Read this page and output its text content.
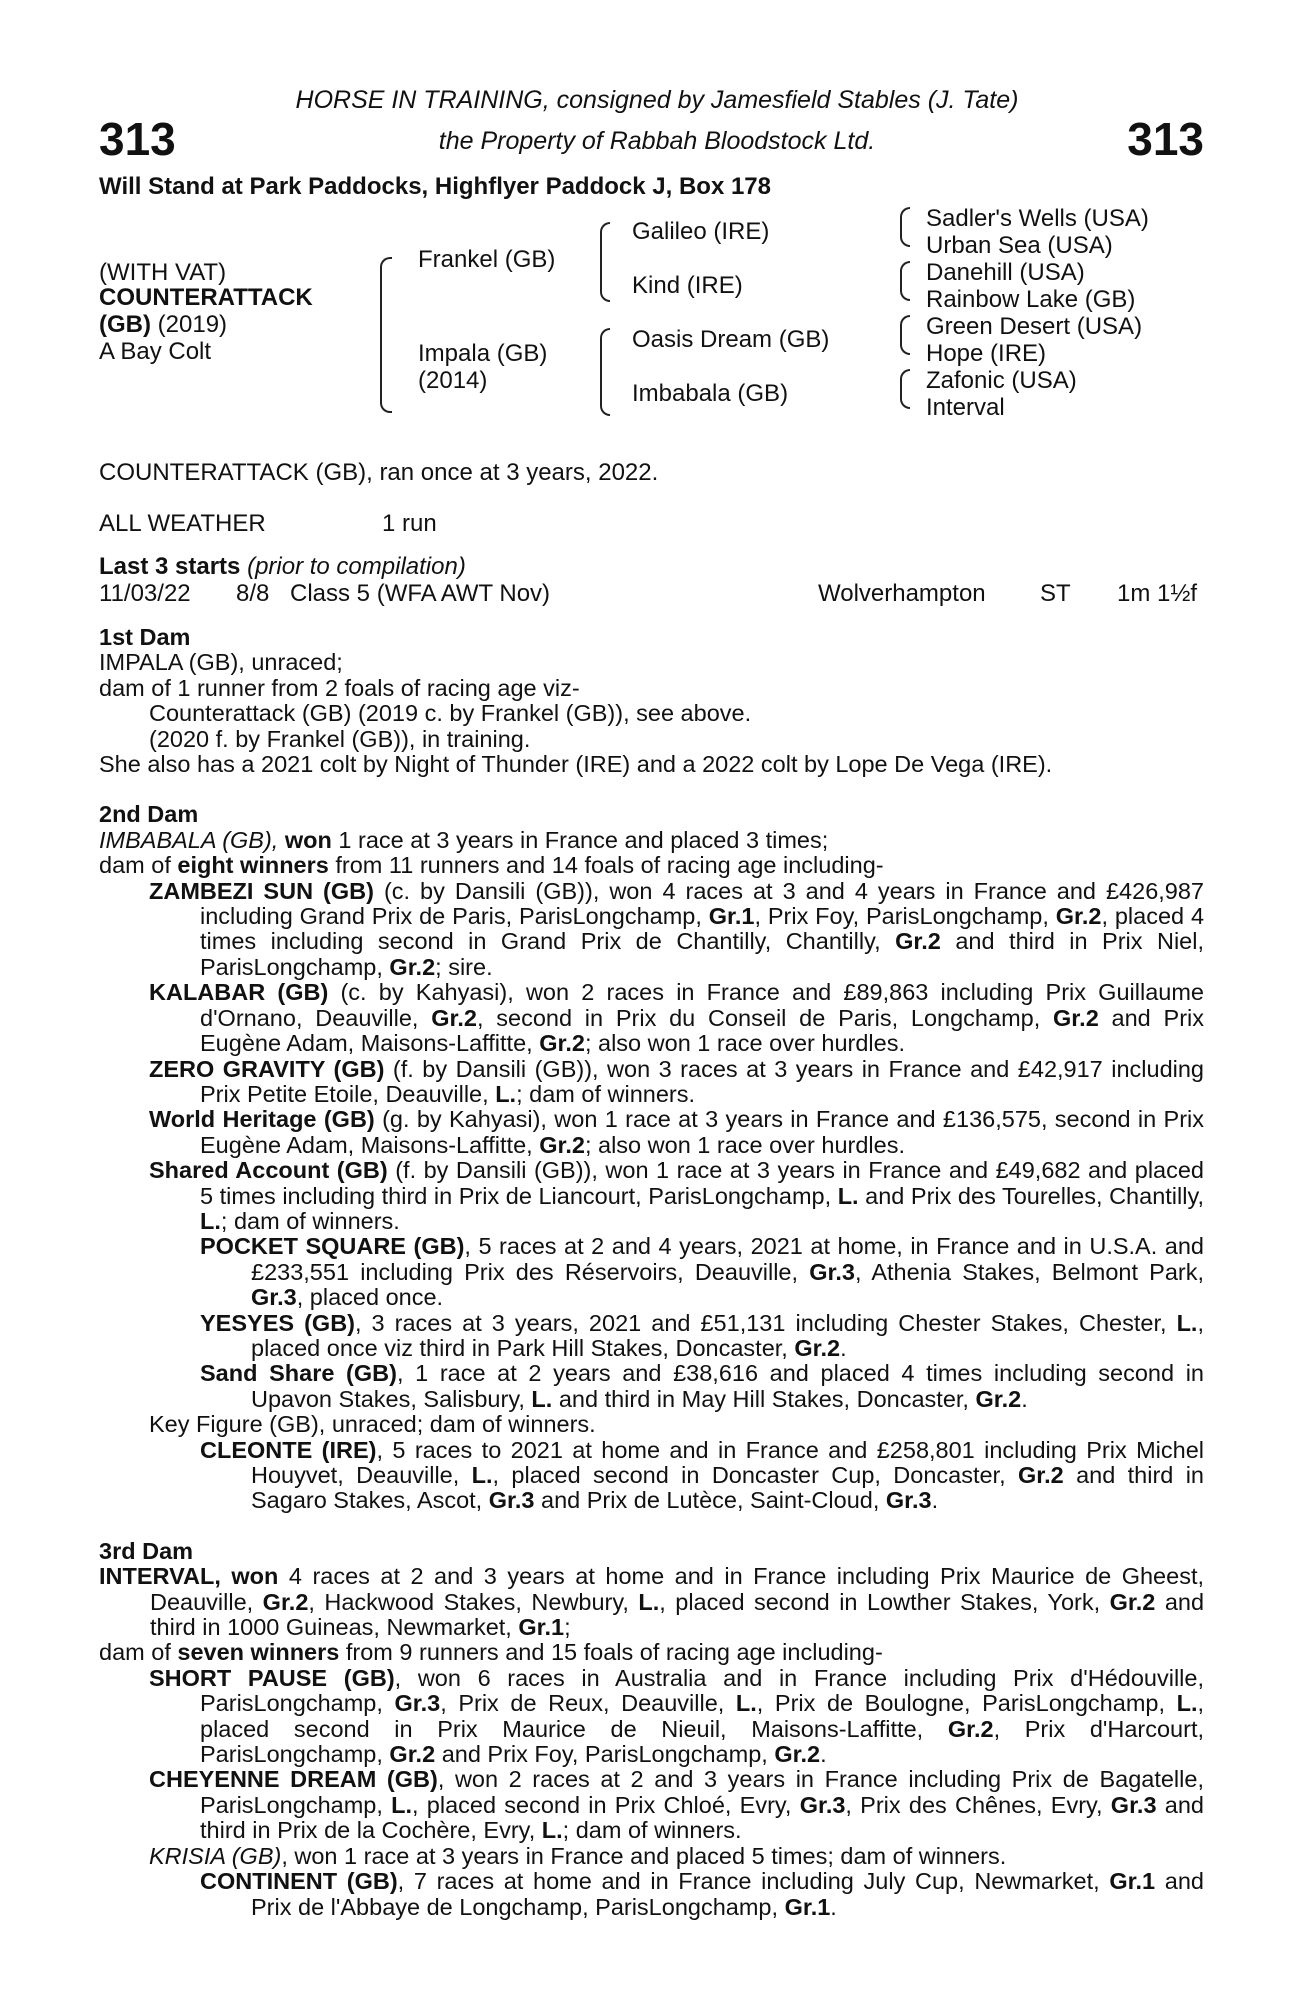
313	313
HORSE IN TRAINING, consigned by Jamesfield Stables (J. Tate)
the Property of Rabbah Bloodstock Ltd.
Will Stand at Park Paddocks, Highflyer Paddock J, Box 178
(WITH VAT)
COUNTERATTACK
(GB) (2019)
A Bay Colt
Frankel (GB)
Impala (GB)
(2014)
Galileo (IRE)
Kind (IRE)
Oasis Dream (GB)
Imbabala (GB)
Sadler's Wells (USA)
Urban Sea (USA)
Danehill (USA)
Rainbow Lake (GB)
Green Desert (USA)
Hope (IRE)
Zafonic (USA)
Interval
COUNTERATTACK (GB), ran once at 3 years, 2022.
ALL WEATHER	1 run
Last 3 starts (prior to compilation)
11/03/22 8/8 Class 5 (WFA AWT Nov)	Wolverhampton ST 1m 1½f

1st Dam

IMPALA (GB), unraced;

dam of 1 runner from 2 foals of racing age viz-

Counterattack (GB) (2019 c. by Frankel (GB)), see above.

(2020 f. by Frankel (GB)), in training.

She also has a 2021 colt by Night of Thunder (IRE) and a 2022 colt by Lope De Vega (IRE).

2nd Dam

IMBABALA (GB), won 1 race at 3 years in France and placed 3 times;

dam of eight winners from 11 runners and 14 foals of racing age including-

ZAMBEZI SUN (GB) (c. by Dansili (GB)), won 4 races at 3 and 4 years in France and £426,987 including Grand Prix de Paris, ParisLongchamp, Gr.1, Prix Foy, ParisLongchamp, Gr.2, placed 4 times including second in Grand Prix de Chantilly, Chantilly, Gr.2 and third in Prix Niel, ParisLongchamp, Gr.2; sire.

KALABAR (GB) (c. by Kahyasi), won 2 races in France and £89,863 including Prix Guillaume d'Ornano, Deauville, Gr.2, second in Prix du Conseil de Paris, Longchamp, Gr.2 and Prix Eugène Adam, Maisons-Laffitte, Gr.2; also won 1 race over hurdles.

ZERO GRAVITY (GB) (f. by Dansili (GB)), won 3 races at 3 years in France and £42,917 including Prix Petite Etoile, Deauville, L.; dam of winners.

World Heritage (GB) (g. by Kahyasi), won 1 race at 3 years in France and £136,575, second in Prix Eugène Adam, Maisons-Laffitte, Gr.2; also won 1 race over hurdles.

Shared Account (GB) (f. by Dansili (GB)), won 1 race at 3 years in France and £49,682 and placed 5 times including third in Prix de Liancourt, ParisLongchamp, L. and Prix des Tourelles, Chantilly, L.; dam of winners.

POCKET SQUARE (GB), 5 races at 2 and 4 years, 2021 at home, in France and in U.S.A. and £233,551 including Prix des Réservoirs, Deauville, Gr.3, Athenia Stakes, Belmont Park, Gr.3, placed once.

YESYES (GB), 3 races at 3 years, 2021 and £51,131 including Chester Stakes, Chester, L., placed once viz third in Park Hill Stakes, Doncaster, Gr.2.

Sand Share (GB), 1 race at 2 years and £38,616 and placed 4 times including second in Upavon Stakes, Salisbury, L. and third in May Hill Stakes, Doncaster, Gr.2.

Key Figure (GB), unraced; dam of winners.

CLEONTE (IRE), 5 races to 2021 at home and in France and £258,801 including Prix Michel Houyvet, Deauville, L., placed second in Doncaster Cup, Doncaster, Gr.2 and third in Sagaro Stakes, Ascot, Gr.3 and Prix de Lutèce, Saint-Cloud, Gr.3.

3rd Dam

INTERVAL, won 4 races at 2 and 3 years at home and in France including Prix Maurice de Gheest, Deauville, Gr.2, Hackwood Stakes, Newbury, L., placed second in Lowther Stakes, York, Gr.2 and third in 1000 Guineas, Newmarket, Gr.1;

dam of seven winners from 9 runners and 15 foals of racing age including-

SHORT PAUSE (GB), won 6 races in Australia and in France including Prix d'Hédouville, ParisLongchamp, Gr.3, Prix de Reux, Deauville, L., Prix de Boulogne, ParisLongchamp, L., placed second in Prix Maurice de Nieuil, Maisons-Laffitte, Gr.2, Prix d'Harcourt, ParisLongchamp, Gr.2 and Prix Foy, ParisLongchamp, Gr.2.

CHEYENNE DREAM (GB), won 2 races at 2 and 3 years in France including Prix de Bagatelle, ParisLongchamp, L., placed second in Prix Chloé, Evry, Gr.3, Prix des Chênes, Evry, Gr.3 and third in Prix de la Cochère, Evry, L.; dam of winners.

KRISIA (GB), won 1 race at 3 years in France and placed 5 times; dam of winners.

CONTINENT (GB), 7 races at home and in France including July Cup, Newmarket, Gr.1 and Prix de l'Abbaye de Longchamp, ParisLongchamp, Gr.1.
